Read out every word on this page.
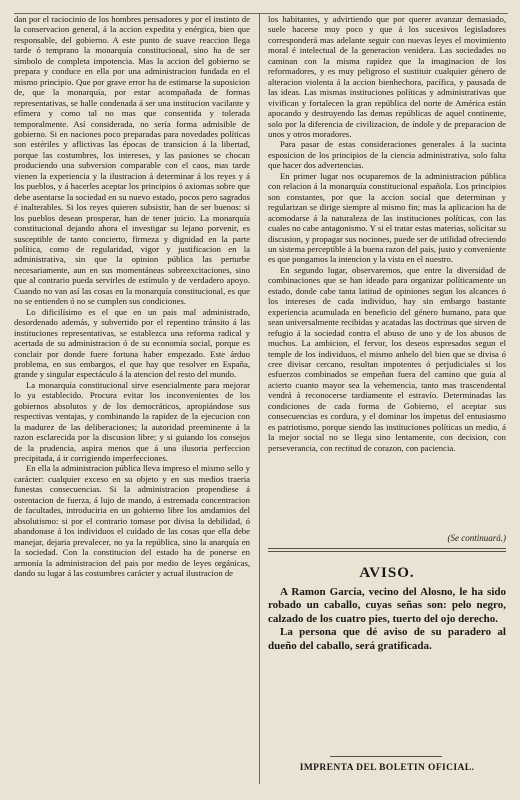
dan por el raciocinio de los hombres pensadores y por el instinto de la conservacion general, á la accion expedita y enérgica, bien que responsable, del gobierno. A este punto de suave reaccion llega tarde ó temprano la monarquía constitucional, sino ha de ser símbolo de completa impotencia. Mas la accion del gobierno se prepara y conduce en ella por una administracion fundada en el mismo principio. Que por grave error ha de estimarse la suposicion de, que la monarquía, por estar acompañada de formas representativas, se halle condenada á ser una institucion vacilante y efímera y como tal no mas que consentida y tolerada temporalmente. Así considerada, no sería forma admisible de gobierno. Si en naciones poco preparadas para novedades políticas son estériles y aflictivas las épocas de transicion á la libertad, porque las costumbres, los intereses, y las pasiones se chocan produciendo una subversion comparable con el caos, mas tarde vienen la experiencia y la ilustracion á determinar á los reyes y á los pueblos, y á hacerles aceptar los principios ó axiomas sobre que debe asentarse la sociedad en su nuevo estado, pocos pero sagrados é inalterables. Si los reyes quieren subsistir, han de ser buenos: si los pueblos desean prosperar, han de tener juicio. La monarquía constitucional dejando ahora el investigar su lejano porvenir, es susceptible de tanto concierto, firmeza y dignidad en la parte política, como de regularidad, vigor y justificacion en la administrativa, sin que la opinion pública las perturbe necesariamente, aun en sus momentáneas sobreexcitaciones, sino que al contrario pueda servirles de estímulo y de verdadero apoyo. Cuando no van así las cosas en la monarquía constitucional, es que no se entienden ó no se cumplen sus condiciones.

Lo dificilísimo es el que en un pais mal administrado, desordenado además, y subvertido por el repentino tránsito á las instituciones representativas, se establezca una reforma radical y acertada de su administracion ó de su economía social, porque es conclair por donde fuere fortuna haber empezado. Este árduo problema, en sus embargos, el que hay que resolver en España, grande y singular espectáculo á la atencion del resto del mundo.

La monarquía constitucional sirve esencialmente para mejorar lo ya establecido. Procura evitar los inconvenientes de los gobiernos absolutos y de los democráticos, apropiándose sus respectivas ventajas, y combinando la rapidez de la ejecucion con la madurez de las deliberaciones; la autoridad preeminente á la razon esclarecida por la discusion libre; y si guiando los consejos de la prudencia, aspira menos que á una ilusoria perfeccion precipitada, á ir corrigiendo imperfecciones.

En ella la administracion pública lleva impreso el mismo sello y carácter: cualquier exceso en su objeto y en sus medios traeria funestas consecuencias. Si la administracion propendiese á ostentacion de fuerza, á lujo de mando, á estremada concentracion de facultades, introduciria en un gobierno libre los amdamios del absolutismo: si por el contrario tomase por divisa la debilidad, ó abandonase á los individuos el cuidado de las cosas que ella debe manejar, dejaria prevalecer, no ya la república, sino la anarquía en la sociedad. Con la constitucion del estado ha de ponerse en armonía la administracion del pais por medio de leyes orgánicas, dando su lugar á las costumbres carácter y actual ilustracion de

los habitantes, y advirtiendo que por querer avanzar demasiado, suele hacerse muy poco y que á los sucesivos legisladores corresponderá mas adelante seguir con nuevas leyes el movimiento moral é intelectual de la generacion venidera. Las sociedades no caminan con la misma rapidez que la imaginacion de los reformadores, y es muy peligroso el sustituir cualquier género de alteracion violenta á la accion bienhechora, pacífica, y pausada de las ideas. Las mismas instituciones políticas y administrativas que vivifican y fortalecen la gran república del norte de América están apocando y destruyendo las demas repúblicas de aquel continente, solo por la diferencia de civilizacion, de índole y de preparacion de unos y otros moradores.

Para pasar de estas consideraciones generales á la sucinta esposicion de los principios de la ciencia administrativa, solo falta que hacer dos advertencias.

En primer lugar nos ocuparemos de la administracion pública con relacion á la monarquía constitucional española. Los principios son constantes, por que la accion social que determinan y regularizan se dirige siempre al mismo fin; mas la aplicacion ha de acomodarse á la naturaleza de las instituciones políticas, con las cuales no cabe antagonismo. Y si el tratar estas materias, solicitar su discusion, y propagar sus nociones, puede ser de utilidad ofreciendo un sistema perceptible á la buena razon del pais, justo y conveniente es que pongamos la intencion y la vista en el nuestro.

En segundo lugar, observaremos, que entre la diversidad de combinaciones que se han ideado para organizar políticamente un estado, donde cabe tanta latitud de opiniones segun los alcances ó los intereses de cada individuo, hay sin embargo bastante experiencia acumulada en beneficio del género humano, para que sean universalmente recibidas y acatadas las doctrinas que sirven de refugio á la sociedad contra el abuso de uno y de los abusos de muchos. La ambicion, el fervor, los deseos espresados segun el temple de los individuos, el mismo anhelo del bien que se divisa ó cree divisar cercano, resultan impotentes ó perjudiciales si los esfuerzos combinados se empeñan fuera del camino que guia al acierto cuanto mayor sea la vehemencia, tanto mas trascendental vendrá á reconocerse tardiamente el estravío. Determinadas las condiciones de cada forma de Gobierno, el aceptar sus consecuencias es cordura, y el dominar los ímpetus del entusiasmo es patriotismo, porque siendo las instituciones políticas un medio, á la mejor social no se llega sino lentamente, con decision, con perseverancia, con rectitud de corazon, con paciencia.

(Se continuará.)
AVISO.

A Ramon García, vecino del Alosno, le ha sido robado un caballo, cuyas señas son: pelo negro, calzado de los cuatro pies, tuerto del ojo derecho.

La persona que dé aviso de su paradero al dueño del caballo, será gratificada.

IMPRENTA DEL BOLETIN OFICIAL.
